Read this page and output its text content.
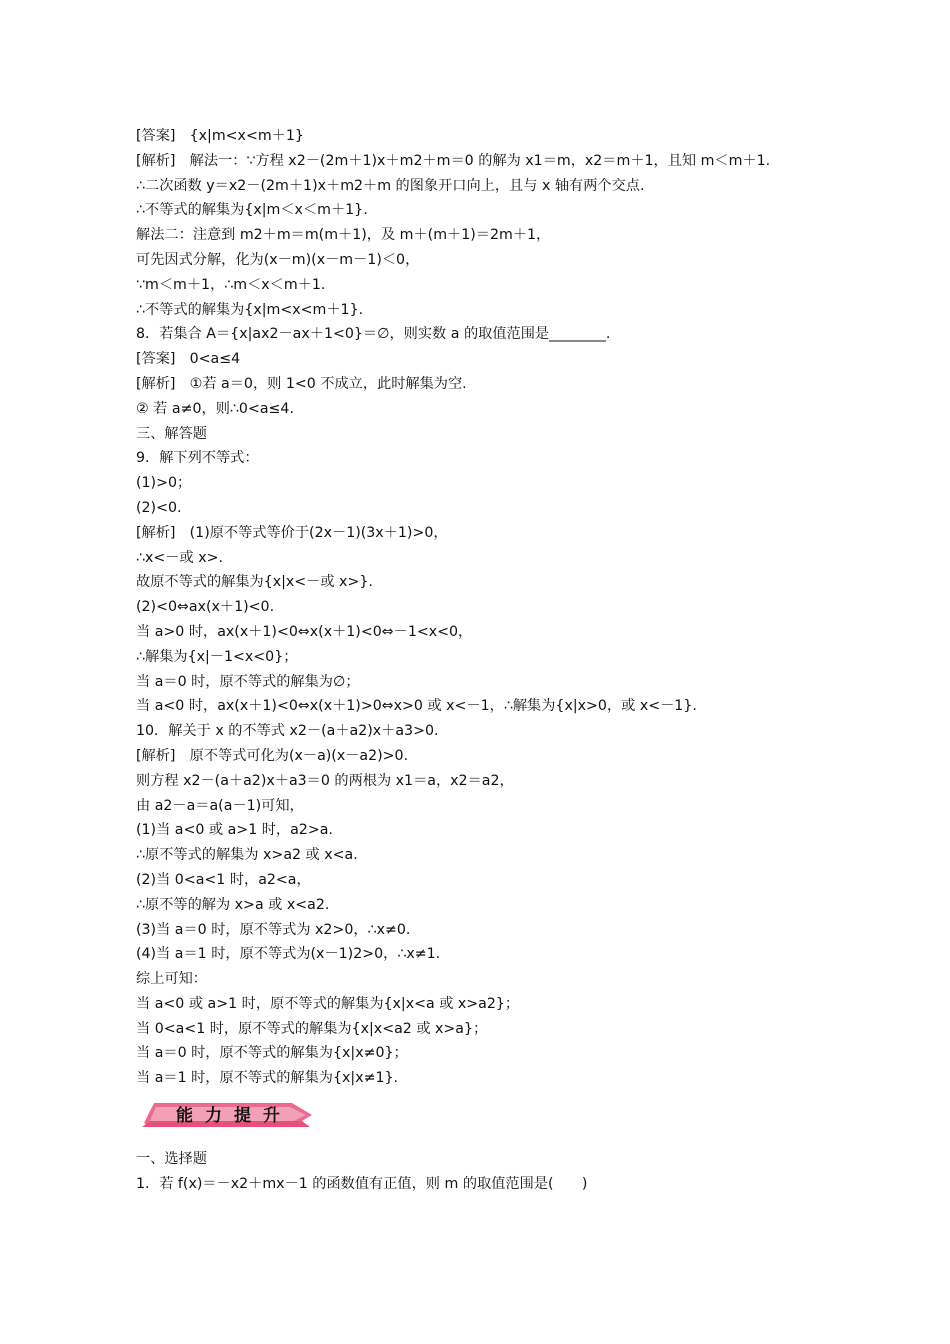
[答案]　{x|m<x<m＋1}
[解析]　解法一：∵方程 x2－(2m＋1)x＋m2＋m＝0 的解为 x1＝m，x2＝m＋1，且知 m＜m＋1.
∴二次函数 y＝x2－(2m＋1)x＋m2＋m 的图象开口向上，且与 x 轴有两个交点.
∴不等式的解集为{x|m＜x＜m＋1}.
解法二：注意到 m2＋m＝m(m＋1)，及 m＋(m＋1)＝2m＋1，
可先因式分解，化为(x－m)(x－m－1)＜0，
∵m＜m＋1，∴m＜x＜m＋1.
∴不等式的解集为{x|m<x<m＋1}.
8．若集合 A＝{x|ax2－ax＋1<0}＝∅，则实数 a 的取值范围是________.
[答案]　0<a≤4
[解析]　①若 a＝0，则 1<0 不成立，此时解集为空.
② 若 a≠0，则∴0<a≤4.
三、解答题
9．解下列不等式：
(1)>0；
(2)<0.
[解析]　(1)原不等式等价于(2x－1)(3x＋1)>0，
∴x<－或 x>.
故原不等式的解集为{x|x<－或 x>}.
(2)<0⇔ax(x＋1)<0.
当 a>0 时，ax(x＋1)<0⇔x(x＋1)<0⇔－1<x<0，
∴解集为{x|－1<x<0}；
当 a＝0 时，原不等式的解集为∅；
当 a<0 时，ax(x＋1)<0⇔x(x＋1)>0⇔x>0 或 x<－1，∴解集为{x|x>0，或 x<－1}.
10．解关于 x 的不等式 x2－(a＋a2)x＋a3>0.
[解析]　原不等式可化为(x－a)(x－a2)>0.
则方程 x2－(a＋a2)x＋a3＝0 的两根为 x1＝a，x2＝a2，
由 a2－a＝a(a－1)可知，
(1)当 a<0 或 a>1 时，a2>a.
∴原不等式的解集为 x>a2 或 x<a.
(2)当 0<a<1 时，a2<a，
∴原不等的解为 x>a 或 x<a2.
(3)当 a＝0 时，原不等式为 x2>0，∴x≠0.
(4)当 a＝1 时，原不等式为(x－1)2>0，∴x≠1.
综上可知：
当 a<0 或 a>1 时，原不等式的解集为{x|x<a 或 x>a2}；
当 0<a<1 时，原不等式的解集为{x|x<a2 或 x>a}；
当 a＝0 时，原不等式的解集为{x|x≠0}；
当 a＝1 时，原不等式的解集为{x|x≠1}.
能力提升
一、选择题
1．若 f(x)＝－x2＋mx－1 的函数值有正值，则 m 的取值范围是(　　)
